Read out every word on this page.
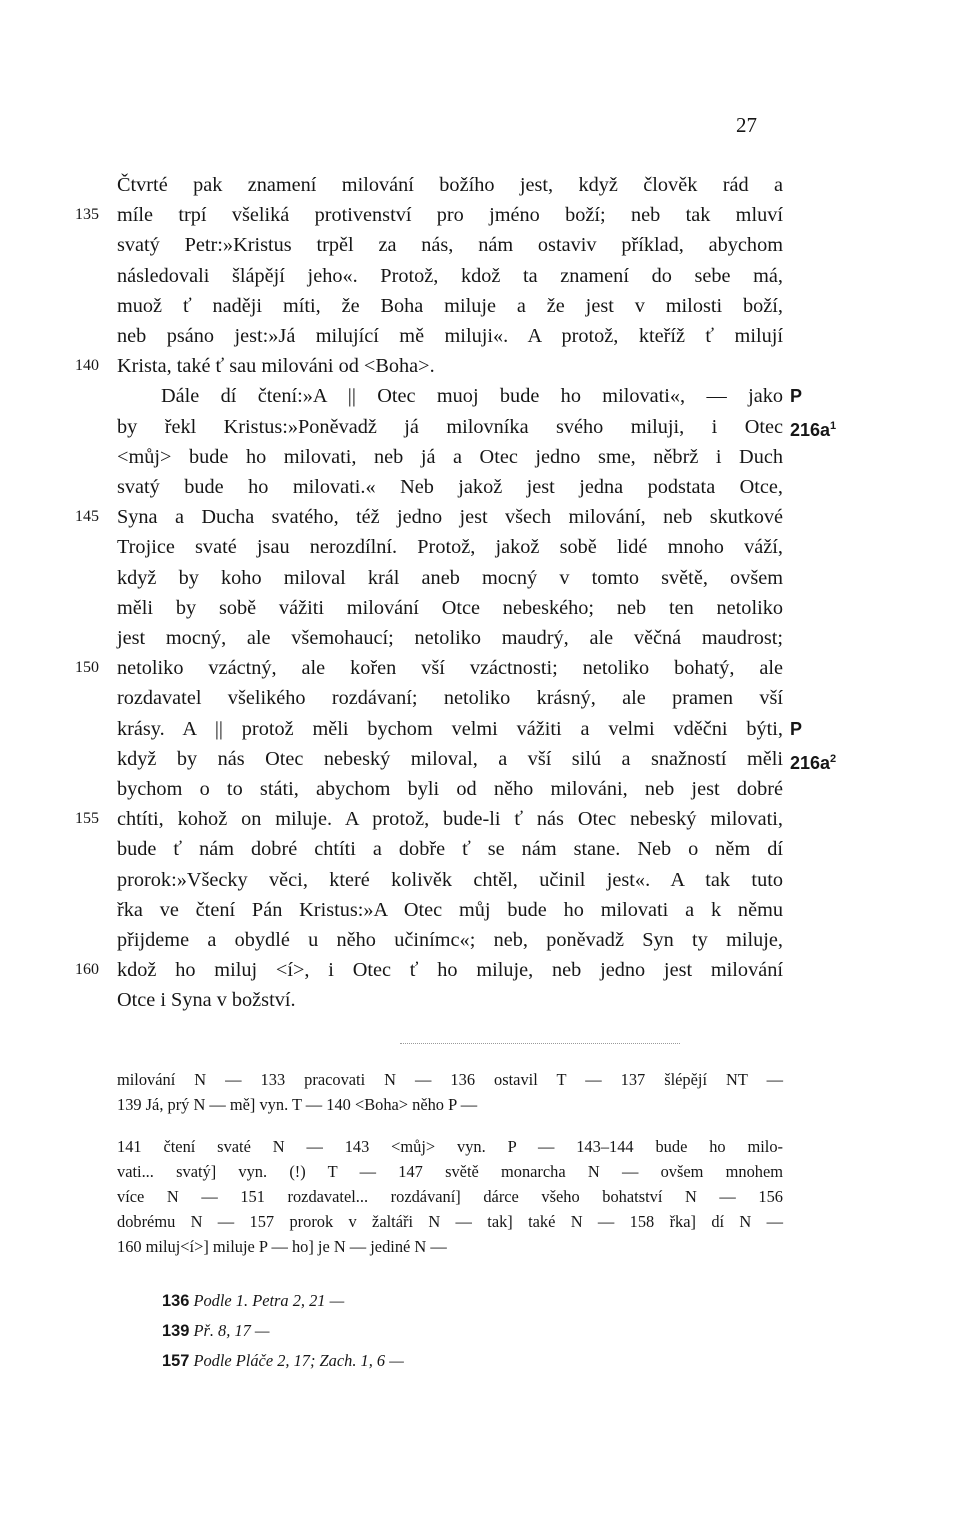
27
Čtvrté pak znamení milování božího jest, když člověk rád a
míle trpí všeliká protivenství pro jméno boží; neb tak mluví
135
svatý Petr:»Kristus trpěl za nás, nám ostaviv příklad, abychom
následovali šlápějí jeho«. Protož, kdož ta znamení do sebe má,
muož ť naději míti, že Boha miluje a že jest v milosti boží,
neb psáno jest:»Já milující mě miluji«. A protož, kteříž ť milují
Krista, také ť sau milováni od <Boha>.
140
Dále dí čtení:»A || Otec muoj bude ho milovati«, — jako
by řekl Kristus:»Poněvadž já milovníka svého miluji, i Otec
<můj> bude ho milovati, neb já a Otec jedno sme, něbrž i Duch
svatý bude ho milovati.« Neb jakož jest jedna podstata Otce,
Syna a Ducha svatého, též jedno jest všech milování, neb skutkové
145
Trojice svaté jsau nerozdílní. Protož, jakož sobě lidé mnoho váží,
když by koho miloval král aneb mocný v tomto světě, ovšem
měli by sobě vážiti milování Otce nebeského; neb ten netoliko
jest mocný, ale všemohaucí; netoliko maudrý, ale věčná maudrost;
netoliko vzáctný, ale kořen vší vzáctnosti; netoliko bohatý, ale
150
rozdavatel všelikého rozdávaní; netoliko krásný, ale pramen vší
krásy. A || protož měli bychom velmi vážiti a velmi vděčni býti,
když by nás Otec nebeský miloval, a vší silú a snažností měli
bychom o to státi, abychom byli od něho milováni, neb jest dobré
chtíti, kohož on miluje. A protož, bude-li ť nás Otec nebeský milovati,
155
bude ť nám dobré chtíti a dobře ť se nám stane. Neb o něm dí
prorok:»Všecky věci, které kolivěk chtěl, učinil jest«. A tak tuto
řka ve čtení Pán Kristus:»A Otec můj bude ho milovati a k němu
přijdeme a obydlé u něho učinímc«; neb, poněvadž Syn ty miluje,
kdož ho miluj <í>, i Otec ť ho miluje, neb jedno jest milování
160
Otce i Syna v božství.
P $216a^1$
P $216a^2$
milování N — 133 pracovati N — 136 ostavil T — 137 šlépějí NT —
139 Já, prý N — mě] vyn. T — 140 <Boha> něho P —
141 čtení svaté N — 143 <můj> vyn. P — 143–144 bude ho milo-
vati... svatý] vyn. (!) T — 147 světě monarcha N — ovšem mnohem
více N — 151 rozdavatel... rozdávaní] dárce všeho bohatství N — 156
dobrému N — 157 prorok v žaltáři N — tak] také N — 158 řka] dí N —
160 miluj<í>] miluje P — ho] je N — jediné N —
136 Podle 1. Petra 2, 21 —
139 Př. 8, 17 —
157 Podle Pláče 2, 17; Zach. 1, 6 —
